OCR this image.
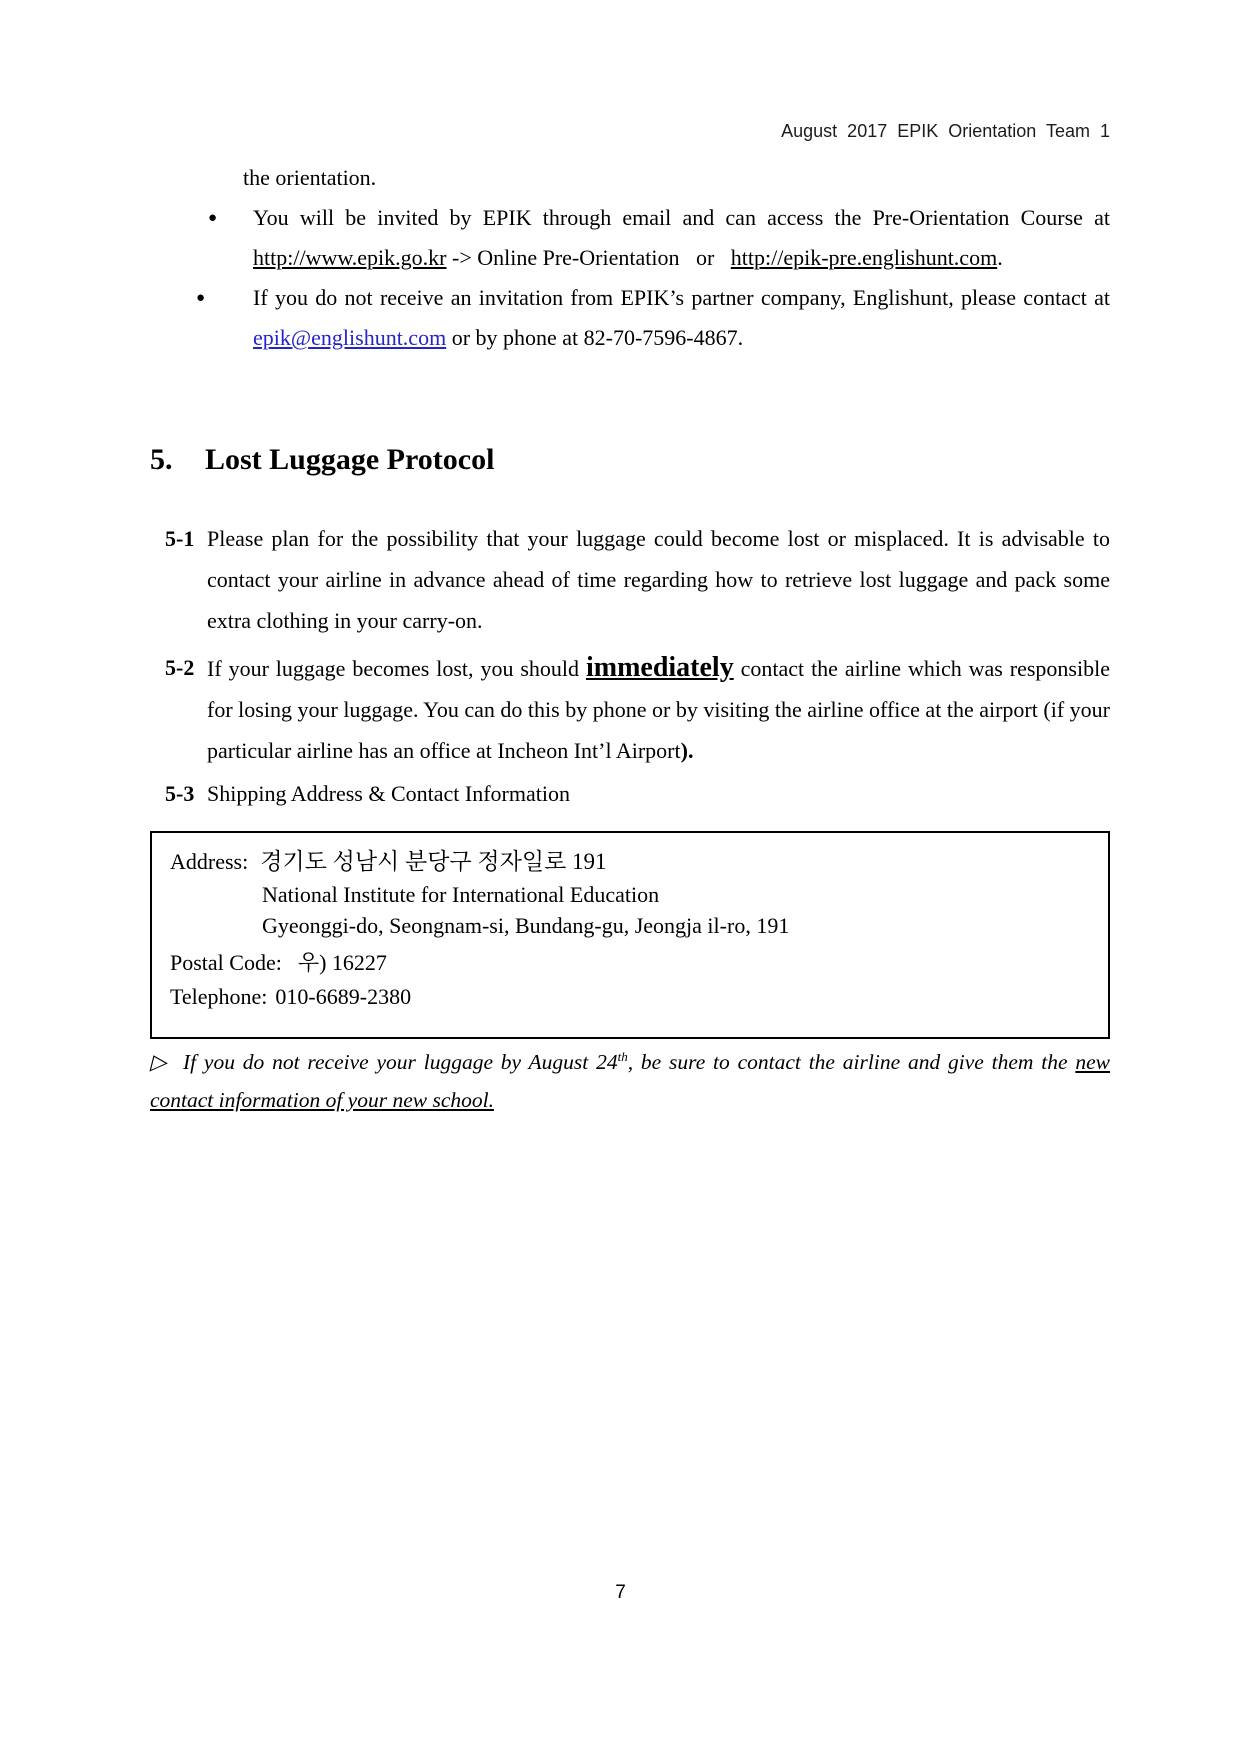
August 2017 EPIK Orientation Team 1
the orientation.
● You will be invited by EPIK through email and can access the Pre-Orientation Course at http://www.epik.go.kr -> Online Pre-Orientation   or   http://epik-pre.englishunt.com.
● If you do not receive an invitation from EPIK’s partner company, Englishunt, please contact at epik@englishunt.com or by phone at 82-70-7596-4867.
5. Lost Luggage Protocol
5-1 Please plan for the possibility that your luggage could become lost or misplaced. It is advisable to contact your airline in advance ahead of time regarding how to retrieve lost luggage and pack some extra clothing in your carry-on.
5-2 If your luggage becomes lost, you should immediately contact the airline which was responsible for losing your luggage. You can do this by phone or by visiting the airline office at the airport (if your particular airline has an office at Incheon Int’l Airport).
5-3 Shipping Address & Contact Information
Address: 경기도 성남시 분당구 정자일로 191
National Institute for International Education
Gyeonggi-do, Seongnam-si, Bundang-gu, Jeongja il-ro, 191
Postal Code: 우) 16227
Telephone: 010-6689-2380
▷ If you do not receive your luggage by August 24th, be sure to contact the airline and give them the new contact information of your new school.
7
